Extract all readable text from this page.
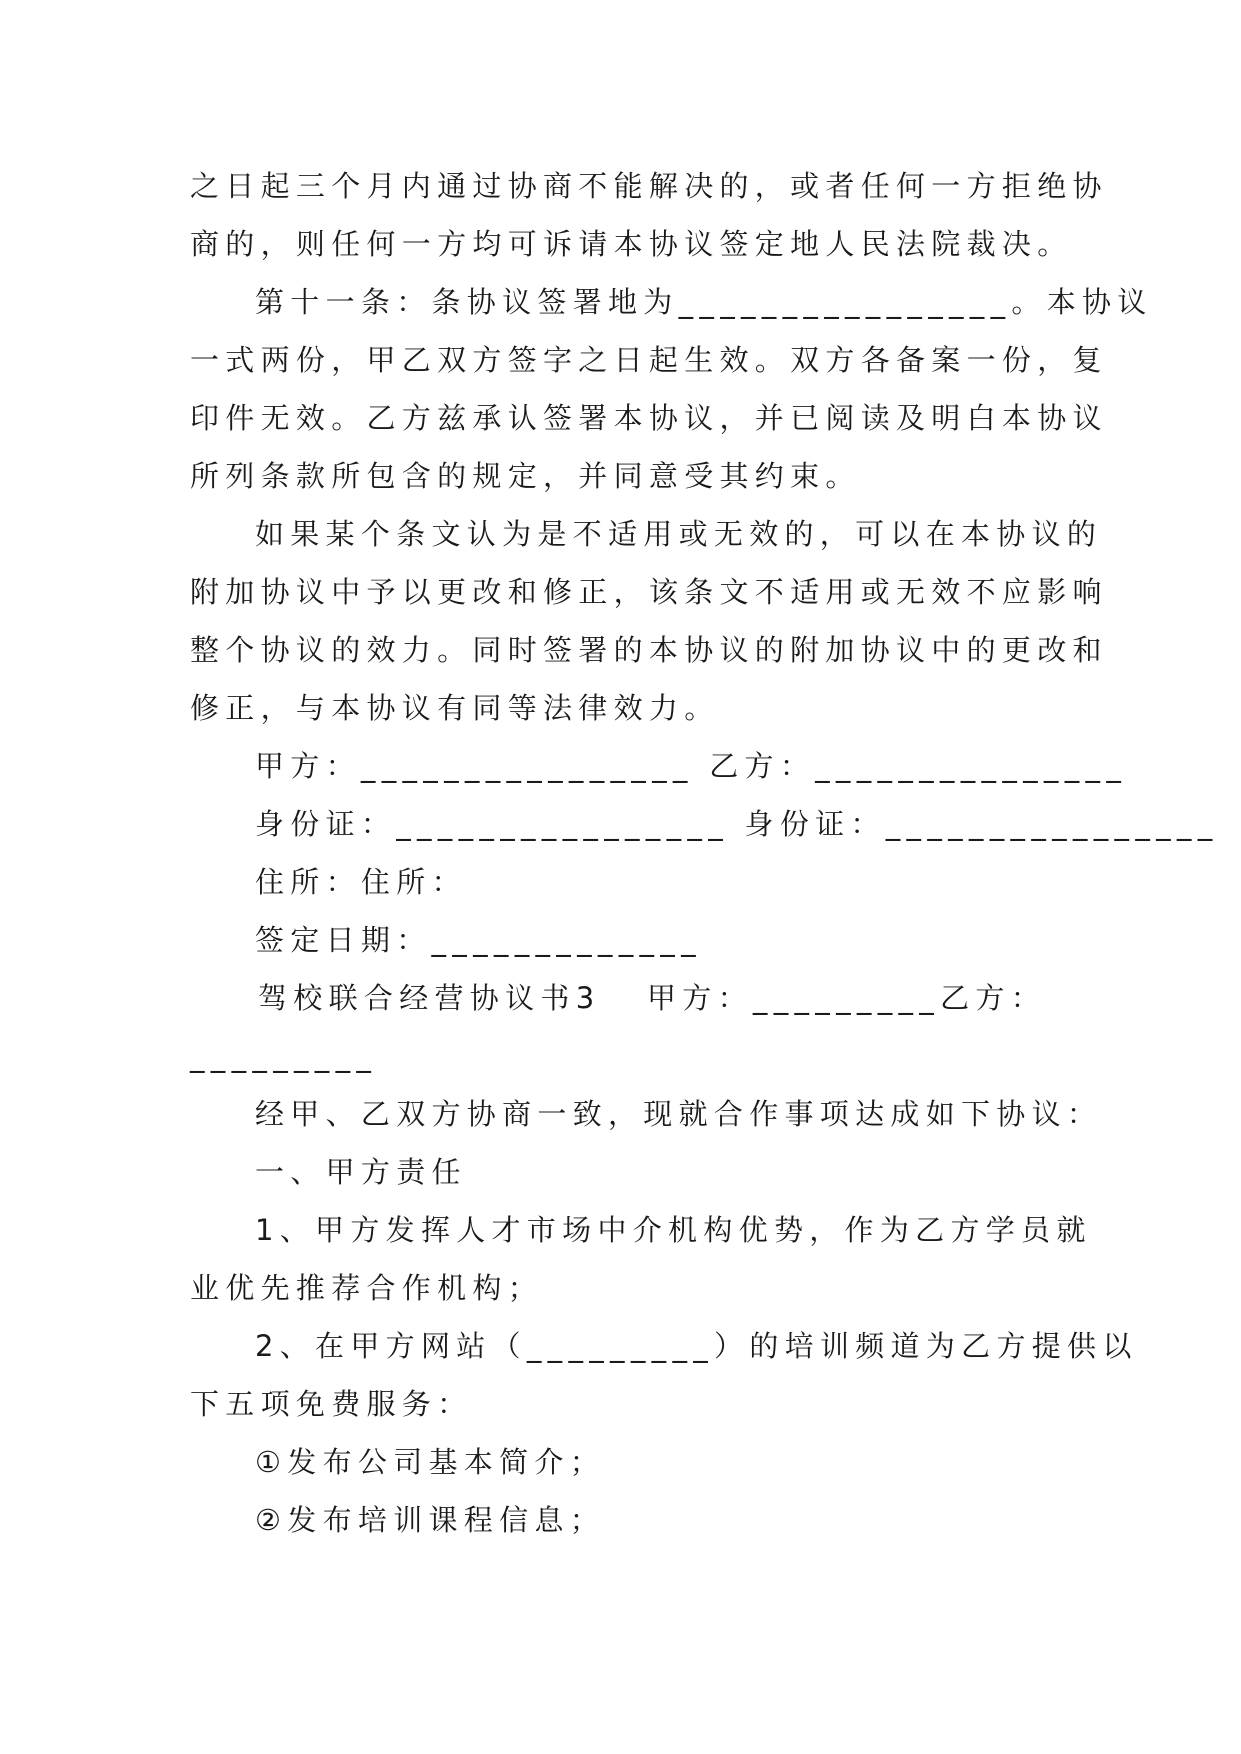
之日起三个月内通过协商不能解决的，或者任何一方拒绝协
商的，则任何一方均可诉请本协议签定地人民法院裁决。
第十一条：条协议签署地为________________。本协议
一式两份，甲乙双方签字之日起生效。双方各备案一份，复
印件无效。乙方兹承认签署本协议，并已阅读及明白本协议
所列条款所包含的规定，并同意受其约束。
如果某个条文认为是不适用或无效的，可以在本协议的
附加协议中予以更改和修正，该条文不适用或无效不应影响
整个协议的效力。同时签署的本协议的附加协议中的更改和
修正，与本协议有同等法律效力。
甲方：________________ 乙方：_______________
身份证：________________ 身份证：________________
住所：住所：
签定日期：_____________
驾校联合经营协议书3   甲方：_________乙方：
_________
经甲、乙双方协商一致，现就合作事项达成如下协议：
一、甲方责任
1、甲方发挥人才市场中介机构优势，作为乙方学员就
业优先推荐合作机构；
2、在甲方网站（_________）的培训频道为乙方提供以
下五项免费服务：
①发布公司基本简介；
②发布培训课程信息；
